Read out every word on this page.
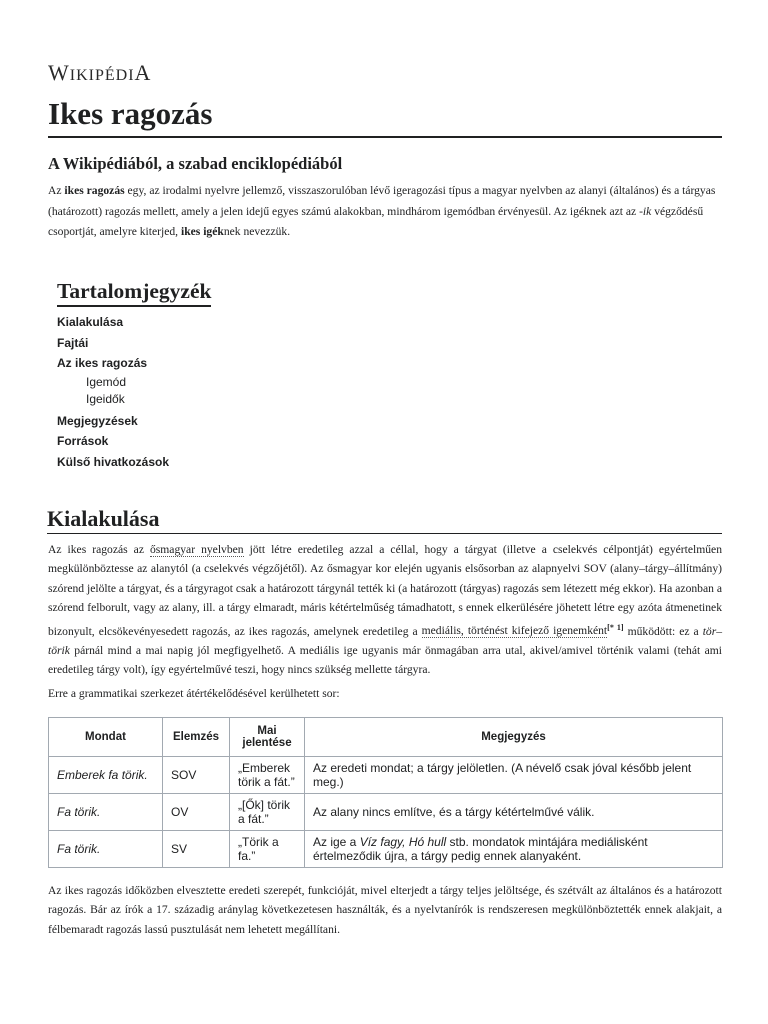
WIKIPÉDIA
Ikes ragozás
A Wikipédiából, a szabad enciklopédiából

Az ikes ragozás egy, az irodalmi nyelvre jellemző, visszaszorulóban lévő igeragozási típus a magyar nyelvben az alanyi (általános) és a tárgyas (határozott) ragozás mellett, amely a jelen idejű egyes számú alakokban, mindhárom igemódban érvényesül. Az igéknek azt az -ik végződésű csoportját, amelyre kiterjed, ikes igéknek nevezzük.

Tartalomjegyzék
Kialakulása
Fajtái
Az ikes ragozás
Igemód
Igeidők
Megjegyzések
Források
Külső hivatkozások
Kialakulása

Az ikes ragozás az ősmagyar nyelvben jött létre eredetileg azzal a céllal, hogy a tárgyat (illetve a cselekvés célpontját) egyértelműen megkülönböztesse az alanytól (a cselekvés végzőjétől). Az ősmagyar kor elején ugyanis elsősorban az alapnyelvi SOV (alany–tárgy–állítmány) szórend jelölte a tárgyat, és a tárgyragot csak a határozott tárgynál tették ki (a határozott (tárgyas) ragozás sem létezett még ekkor). Ha azonban a szórend felborult, vagy az alany, ill. a tárgy elmaradt, máris kétértelműség támadhatott, s ennek elkerülésére jöhetett létre egy azóta átmenetinek bizonyult, elcsökevényesedett ragozás, az ikes ragozás, amelynek eredetileg a mediális, történést kifejező igenemként[* 1] működött: ez a tör–törik párnál mind a mai napig jól megfigyelhető. A mediális ige ugyanis már önmagában arra utal, akivel/amivel történik valami (tehát ami eredetileg tárgy volt), így egyértelművé teszi, hogy nincs szükség mellette tárgyra.

Erre a grammatikai szerkezet átértékelődésével kerülhetett sor:

Mondat	Elemzés	Mai jelentése	Megjegyzés
Emberek fa törik.	SOV	„Emberek törik a fát.”	Az eredeti mondat; a tárgy jelöletlen. (A névelő csak jóval később jelent meg.)
Fa törik.	OV	„[Ők] törik a fát.”	Az alany nincs említve, és a tárgy kétértelművé válik.
Fa törik.	SV	„Törik a fa.”	Az ige a Víz fagy, Hó hull stb. mondatok mintájára mediálisként értelmeződik újra, a tárgy pedig ennek alanyaként.

Az ikes ragozás időközben elvesztette eredeti szerepét, funkcióját, mivel elterjedt a tárgy teljes jelöltsége, és szétvált az általános és a határozott ragozás. Bár az írók a 17. századig aránylag következetesen használták, és a nyelvtanírók is rendszeresen megkülönböztették ennek alakjait, a félbemaradt ragozás lassú pusztulását nem lehetett megállítani.
